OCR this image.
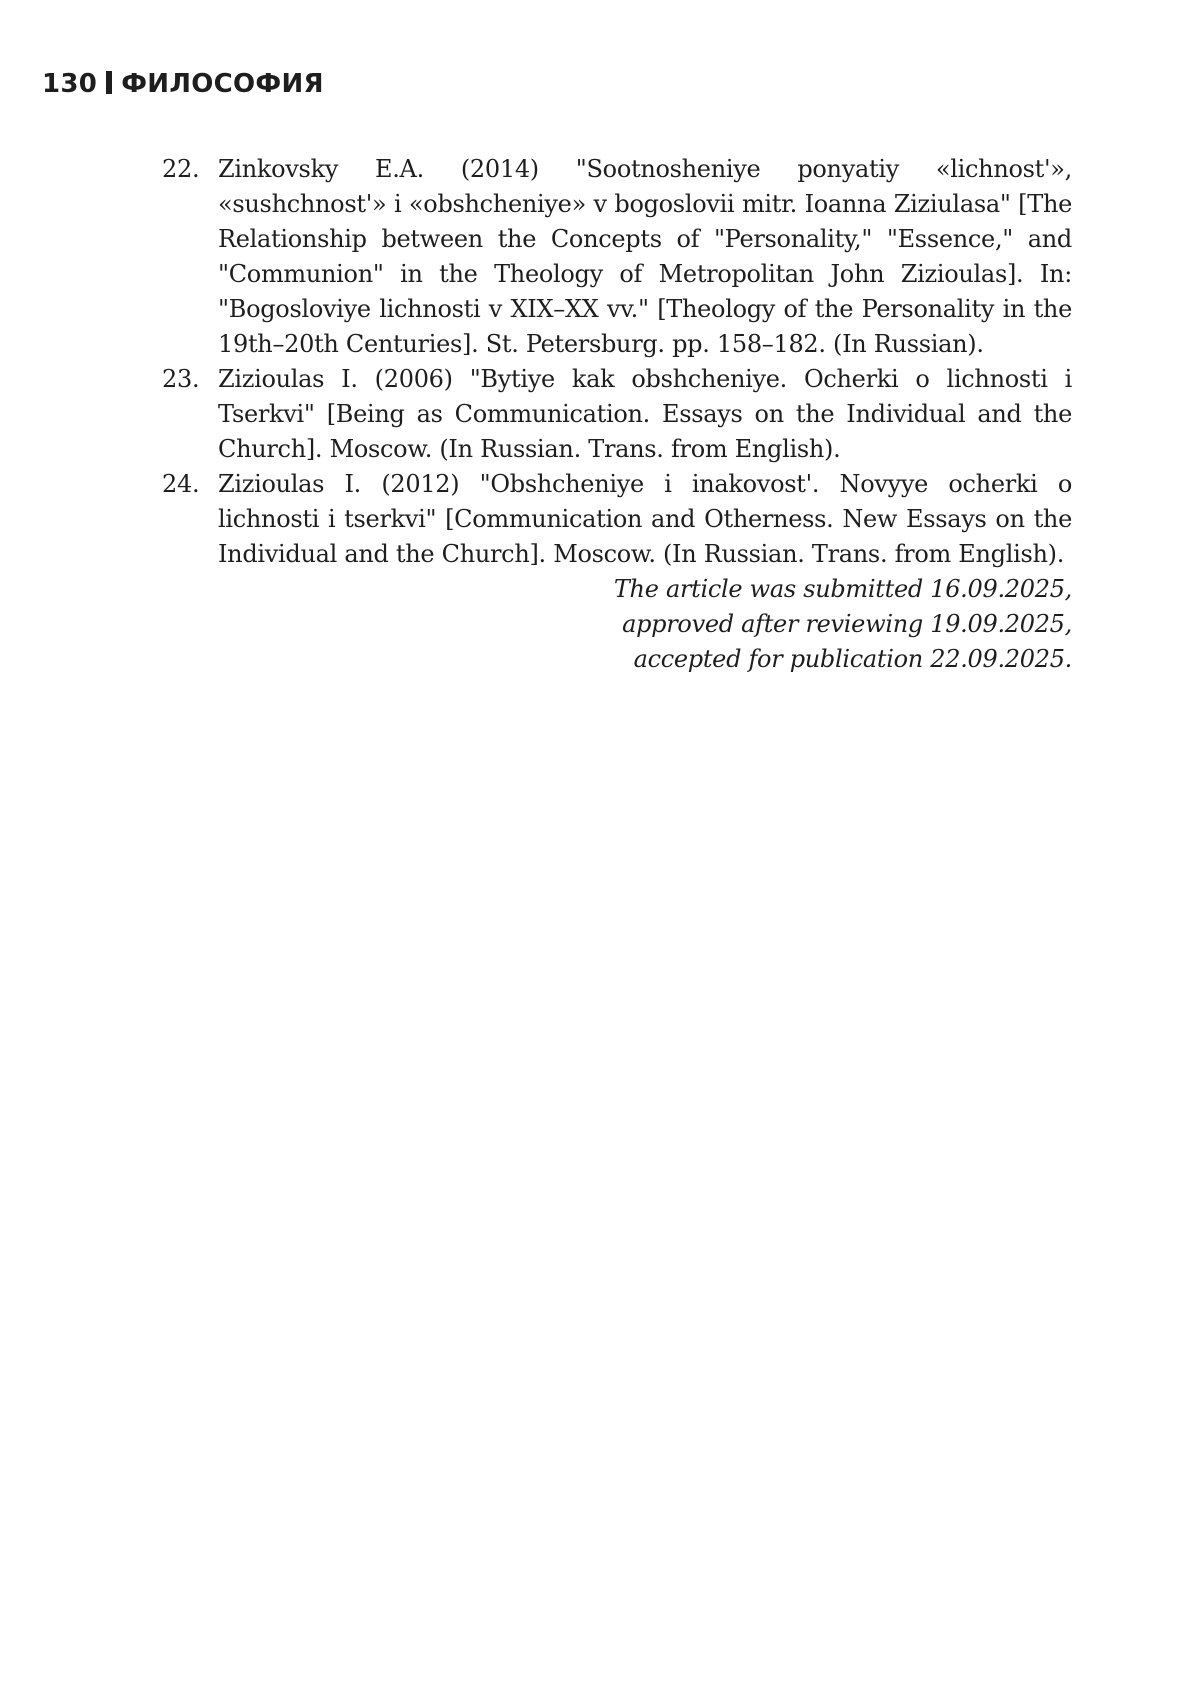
130 ФИЛОСОФИЯ
22. Zinkovsky E.A. (2014) "Sootnosheniye ponyatiy «lichnost'», «sushchnost'» i «obshcheniye» v bogoslovii mitr. Ioanna Ziziulasa" [The Relationship between the Concepts of "Personality," "Essence," and "Communion" in the Theology of Metropolitan John Zizioulas]. In: "Bogosloviye lichnosti v XIX–XX vv." [Theology of the Personality in the 19th–20th Centuries]. St. Petersburg. pp. 158–182. (In Russian).
23. Zizioulas I. (2006) "Bytiye kak obshcheniye. Ocherki o lichnosti i Tserkvi" [Being as Communication. Essays on the Individual and the Church]. Moscow. (In Russian. Trans. from English).
24. Zizioulas I. (2012) "Obshcheniye i inakovost'. Novyye ocherki o lichnosti i tserkvi" [Communication and Otherness. New Essays on the Individual and the Church]. Moscow. (In Russian. Trans. from English).
The article was submitted 16.09.2025,
approved after reviewing 19.09.2025,
accepted for publication 22.09.2025.
